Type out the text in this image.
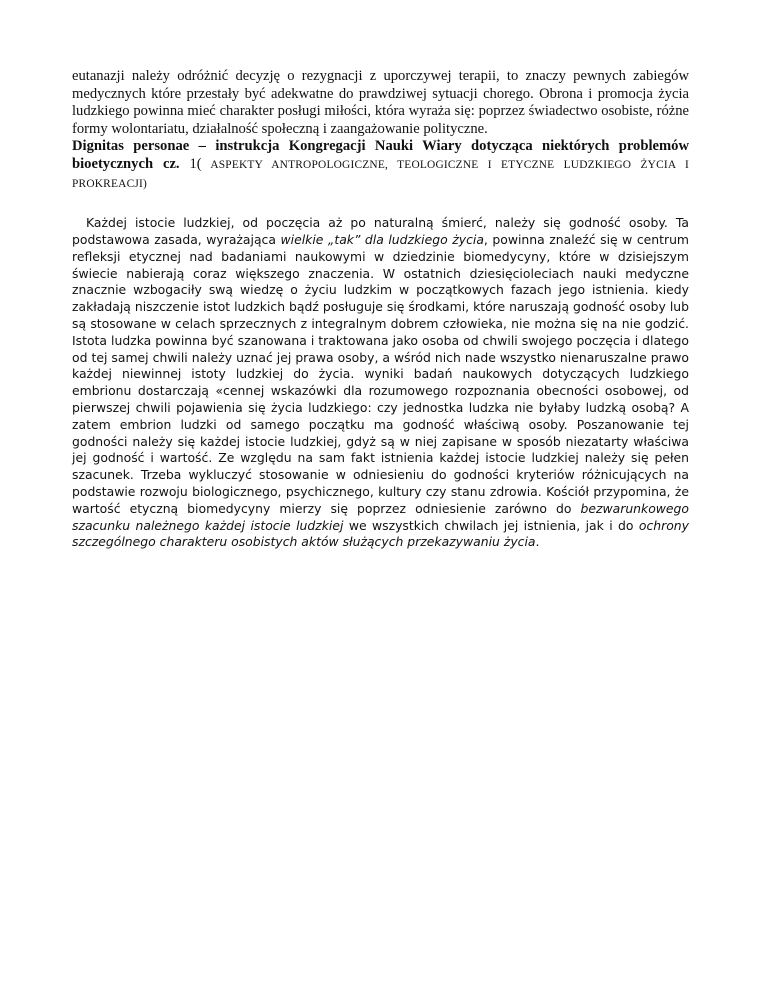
eutanazji należy odróżnić decyzję o rezygnacji z uporczywej terapii, to znaczy pewnych zabiegów medycznych które przestały być adekwatne do prawdziwej sytuacji chorego. Obrona i promocja życia ludzkiego powinna mieć charakter posługi miłości, która wyraża się: poprzez świadectwo osobiste, różne formy wolontariatu, działalność społeczną i zaangażowanie polityczne.

Dignitas personae – instrukcja Kongregacji Nauki Wiary dotycząca niektórych problemów bioetycznych cz. 1( ASPEKTY ANTROPOLOGICZNE, TEOLOGICZNE I ETYCZNE LUDZKIEGO ŻYCIA I PROKREACJI)

Każdej istocie ludzkiej, od poczęcia aż po naturalną śmierć, należy się godność osoby. Ta podstawowa zasada, wyrażająca wielkie „tak” dla ludzkiego życia, powinna znaleźć się w centrum refleksji etycznej nad badaniami naukowymi w dziedzinie biomedycyny, które w dzisiejszym świecie nabierają coraz większego znaczenia. W ostatnich dziesięcioleciach nauki medyczne znacznie wzbogaciły swą wiedzę o życiu ludzkim w początkowych fazach jego istnienia. kiedy zakładają niszczenie istot ludzkich bądź posługuje się środkami, które naruszają godność osoby lub są stosowane w celach sprzecznych z integralnym dobrem człowieka, nie można się na nie godzić. Istota ludzka powinna być szanowana i traktowana jako osoba od chwili swojego poczęcia i dlatego od tej samej chwili należy uznać jej prawa osoby, a wśród nich nade wszystko nienaruszalne prawo każdej niewinnej istoty ludzkiej do życia. wyniki badań naukowych dotyczących ludzkiego embrionu dostarczają «cennej wskazówki dla rozumowego rozpoznania obecności osobowej, od pierwszej chwili pojawienia się życia ludzkiego: czy jednostka ludzka nie byłaby ludzką osobą? A zatem embrion ludzki od samego początku ma godność właściwą osoby. Poszanowanie tej godności należy się każdej istocie ludzkiej, gdyż są w niej zapisane w sposób niezatarty właściwa jej godność i wartość. Ze względu na sam fakt istnienia każdej istocie ludzkiej należy się pełen szacunek. Trzeba wykluczyć stosowanie w odniesieniu do godności kryteriów różnicujących na podstawie rozwoju biologicznego, psychicznego, kultury czy stanu zdrowia. Kościół przypomina, że wartość etyczną biomedycyny mierzy się poprzez odniesienie zarówno do bezwarunkowego szacunku należnego każdej istocie ludzkiej we wszystkich chwilach jej istnienia, jak i do ochrony szczególnego charakteru osobistych aktów służących przekazywaniu życia.
